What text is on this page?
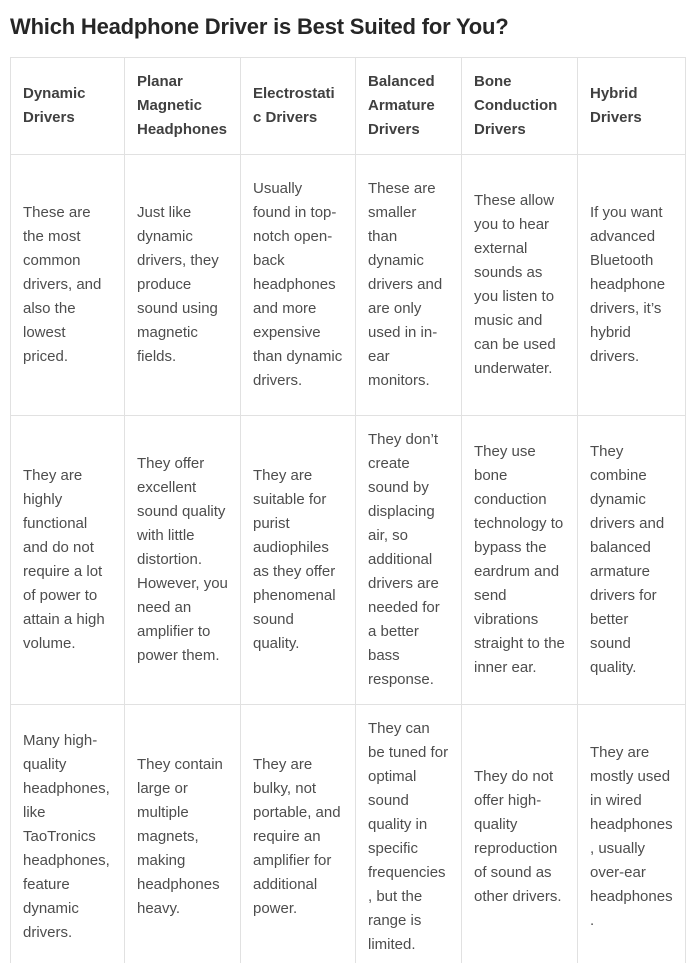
Which Headphone Driver is Best Suited for You?
Dynamic Drivers	Planar Magnetic Headphones	Electrostatic Drivers	Balanced Armature Drivers	Bone Conduction Drivers	Hybrid Drivers
These are the most common drivers, and also the lowest priced.	Just like dynamic drivers, they produce sound using magnetic fields.	Usually found in top-notch open-back headphones and more expensive than dynamic drivers.	These are smaller than dynamic drivers and are only used in in-ear monitors.	These allow you to hear external sounds as you listen to music and can be used underwater.	If you want advanced Bluetooth headphone drivers, it’s hybrid drivers.
They are highly functional and do not require a lot of power to attain a high volume.	They offer excellent sound quality with little distortion. However, you need an amplifier to power them.	They are suitable for purist audiophiles as they offer phenomenal sound quality.	They don’t create sound by displacing air, so additional drivers are needed for a better bass response.	They use bone conduction technology to bypass the eardrum and send vibrations straight to the inner ear.	They combine dynamic drivers and balanced armature drivers for better sound quality.
Many high-quality headphones, like TaoTronics headphones, feature dynamic drivers.	They contain large or multiple magnets, making headphones heavy.	They are bulky, not portable, and require an amplifier for additional power.	They can be tuned for optimal sound quality in specific frequencies, but the range is limited.	They do not offer high-quality reproduction of sound as other drivers.	They are mostly used in wired headphones, usually over-ear headphones.
